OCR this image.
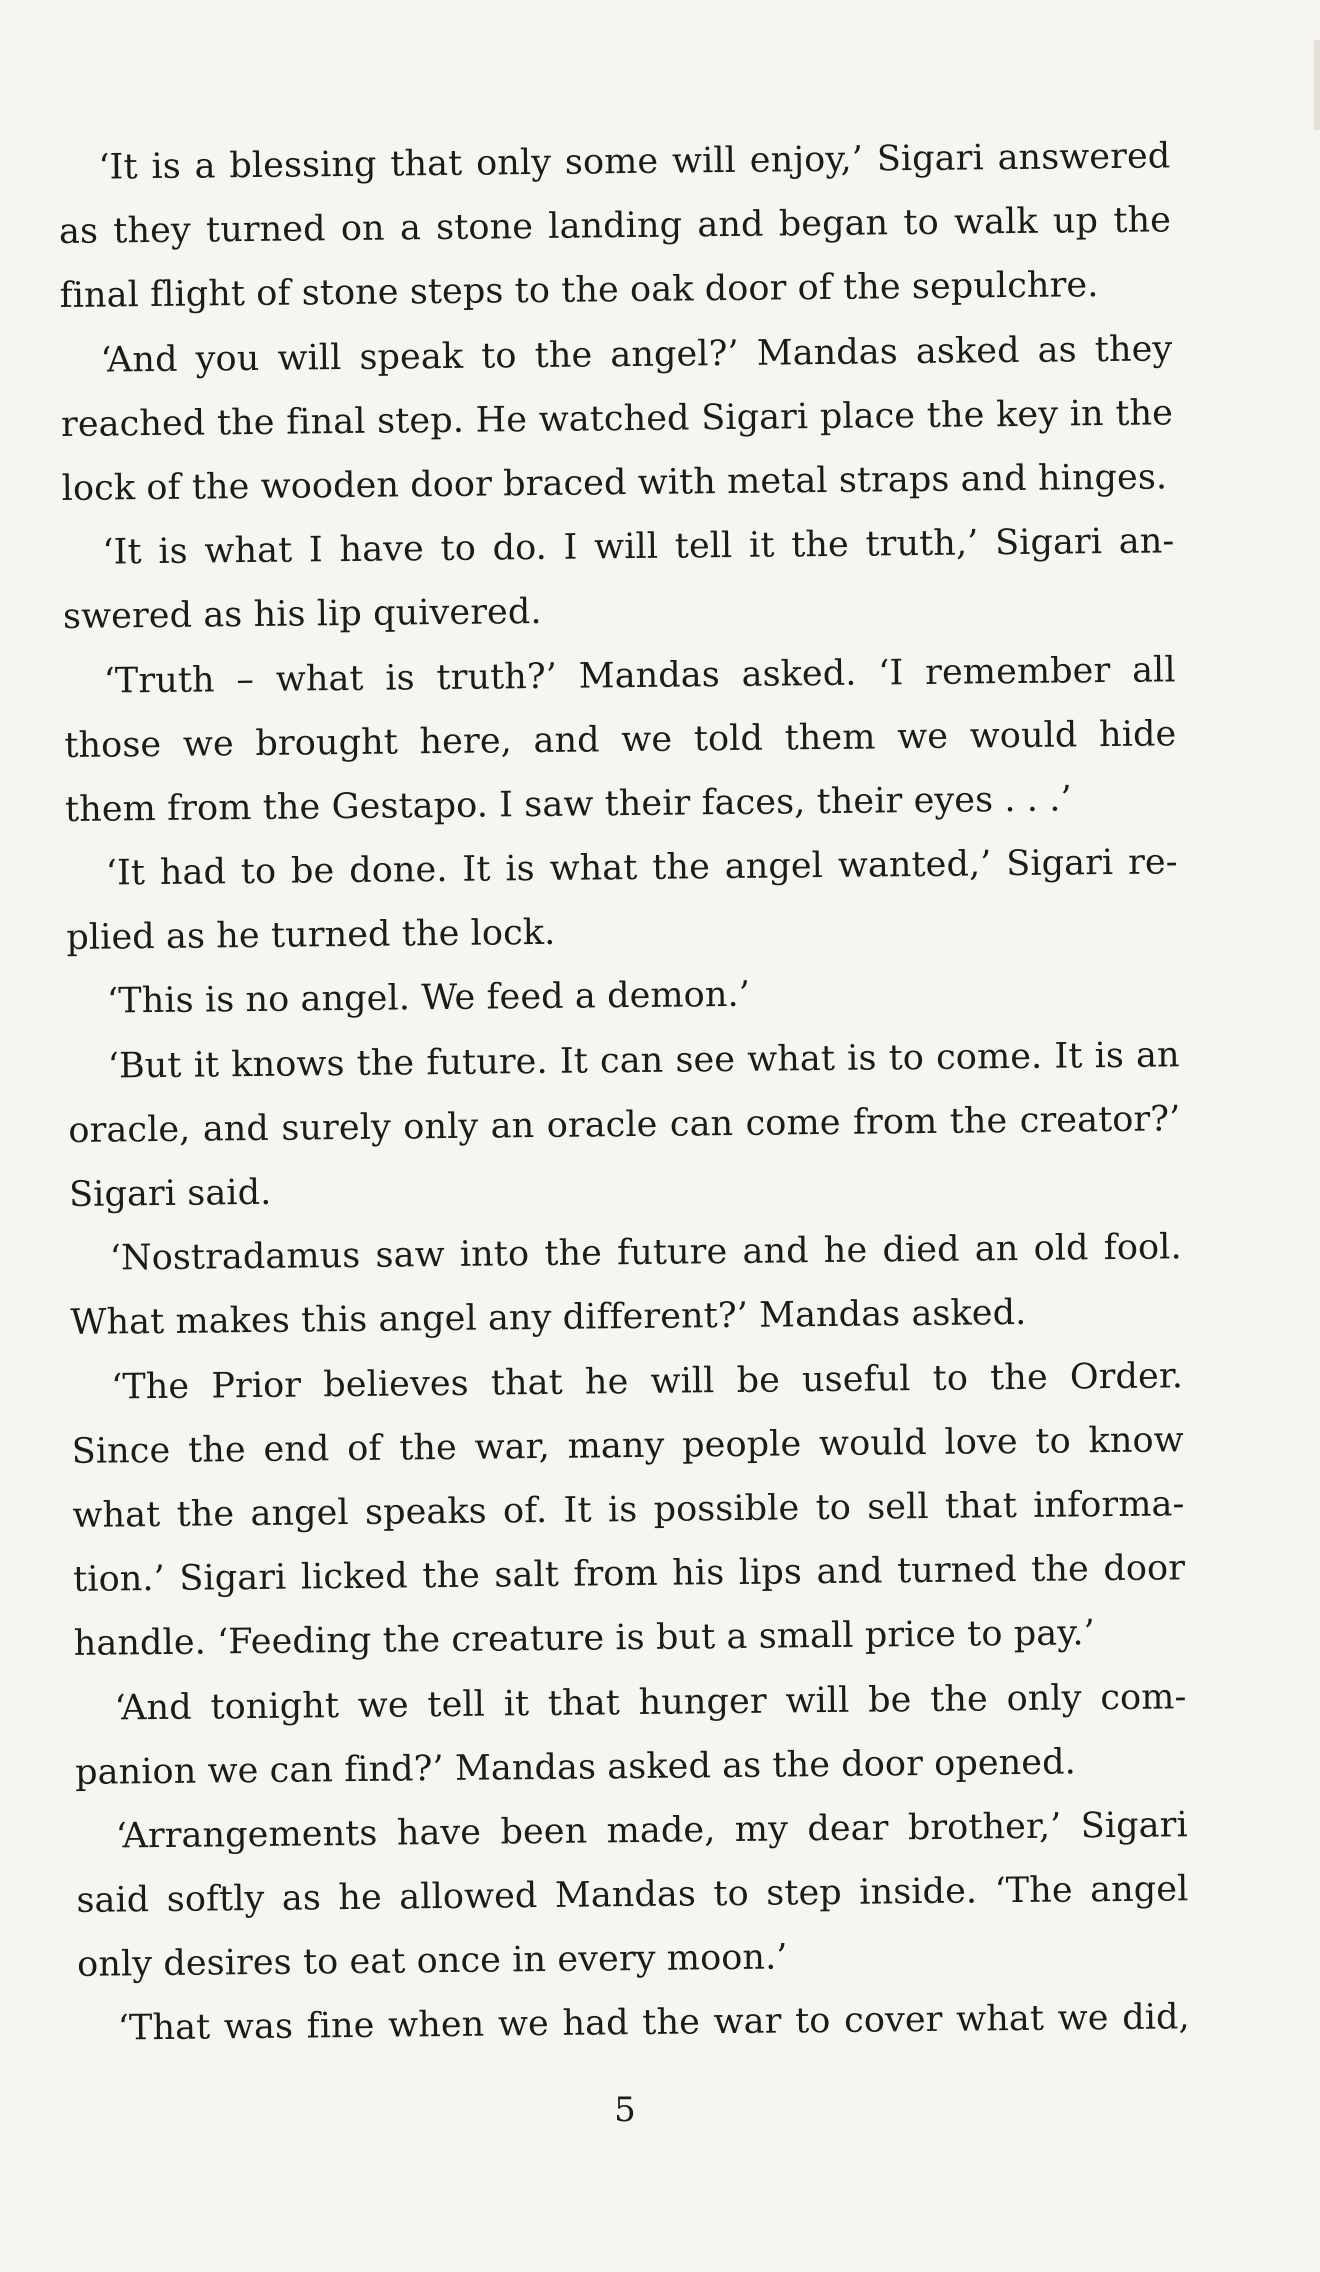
‘It is a blessing that only some will enjoy,’ Sigari answered
as they turned on a stone landing and began to walk up the
final flight of stone steps to the oak door of the sepulchre.
‘And you will speak to the angel?’ Mandas asked as they
reached the final step. He watched Sigari place the key in the
lock of the wooden door braced with metal straps and hinges.
‘It is what I have to do. I will tell it the truth,’ Sigari an-
swered as his lip quivered.
‘Truth – what is truth?’ Mandas asked. ‘I remember all
those we brought here, and we told them we would hide
them from the Gestapo. I saw their faces, their eyes . . .’
‘It had to be done. It is what the angel wanted,’ Sigari re-
plied as he turned the lock.
‘This is no angel. We feed a demon.’
‘But it knows the future. It can see what is to come. It is an
oracle, and surely only an oracle can come from the creator?’
Sigari said.
‘Nostradamus saw into the future and he died an old fool.
What makes this angel any different?’ Mandas asked.
‘The Prior believes that he will be useful to the Order.
Since the end of the war, many people would love to know
what the angel speaks of. It is possible to sell that informa-
tion.’ Sigari licked the salt from his lips and turned the door
handle. ‘Feeding the creature is but a small price to pay.’
‘And tonight we tell it that hunger will be the only com-
panion we can find?’ Mandas asked as the door opened.
‘Arrangements have been made, my dear brother,’ Sigari
said softly as he allowed Mandas to step inside. ‘The angel
only desires to eat once in every moon.’
‘That was fine when we had the war to cover what we did,
5
